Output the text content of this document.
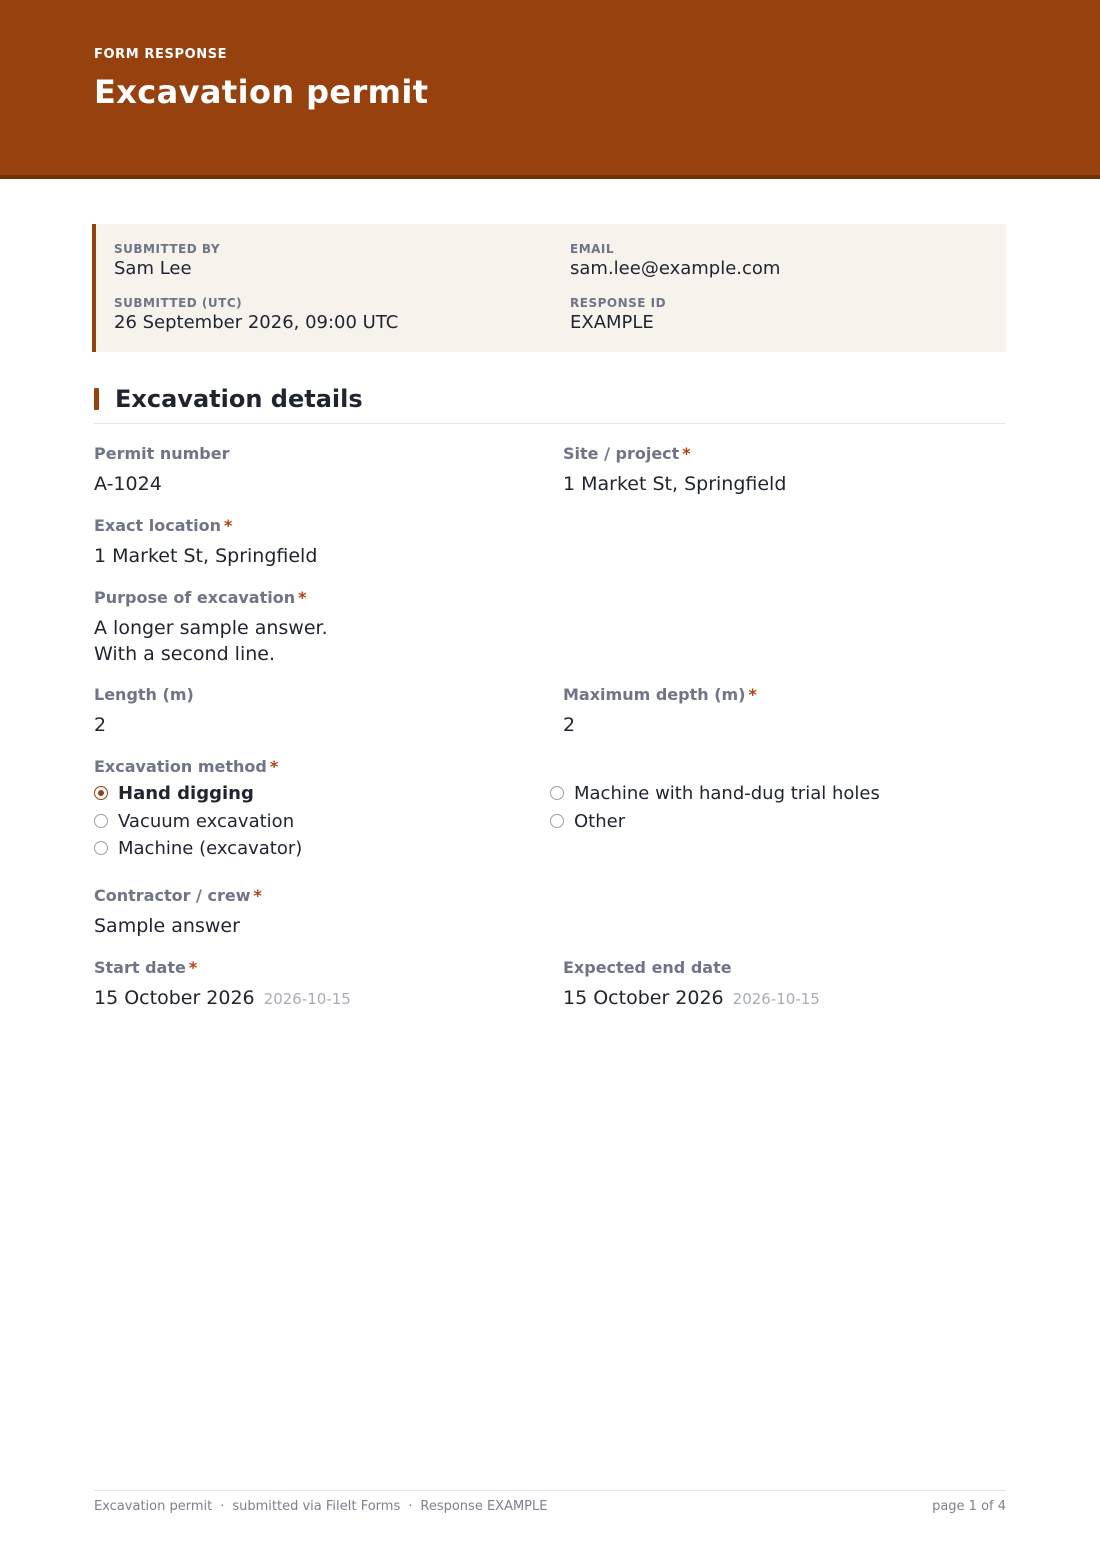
FORM RESPONSE
Excavation permit
SUBMITTED BY
Sam Lee
EMAIL
sam.lee@example.com
SUBMITTED (UTC)
26 September 2026, 09:00 UTC
RESPONSE ID
EXAMPLE
Excavation details
Permit number
A-1024
Site / project *
1 Market St, Springfield
Exact location *
1 Market St, Springfield
Purpose of excavation *
A longer sample answer.
With a second line.
Length (m)
2
Maximum depth (m) *
2
Excavation method *
Hand digging
Vacuum excavation
Machine (excavator)
Machine with hand-dug trial holes
Other
Contractor / crew *
Sample answer
Start date *
15 October 2026 2026-10-15
Expected end date
15 October 2026 2026-10-15
Excavation permit · submitted via FileIt Forms · Response EXAMPLE	page 1 of 4
